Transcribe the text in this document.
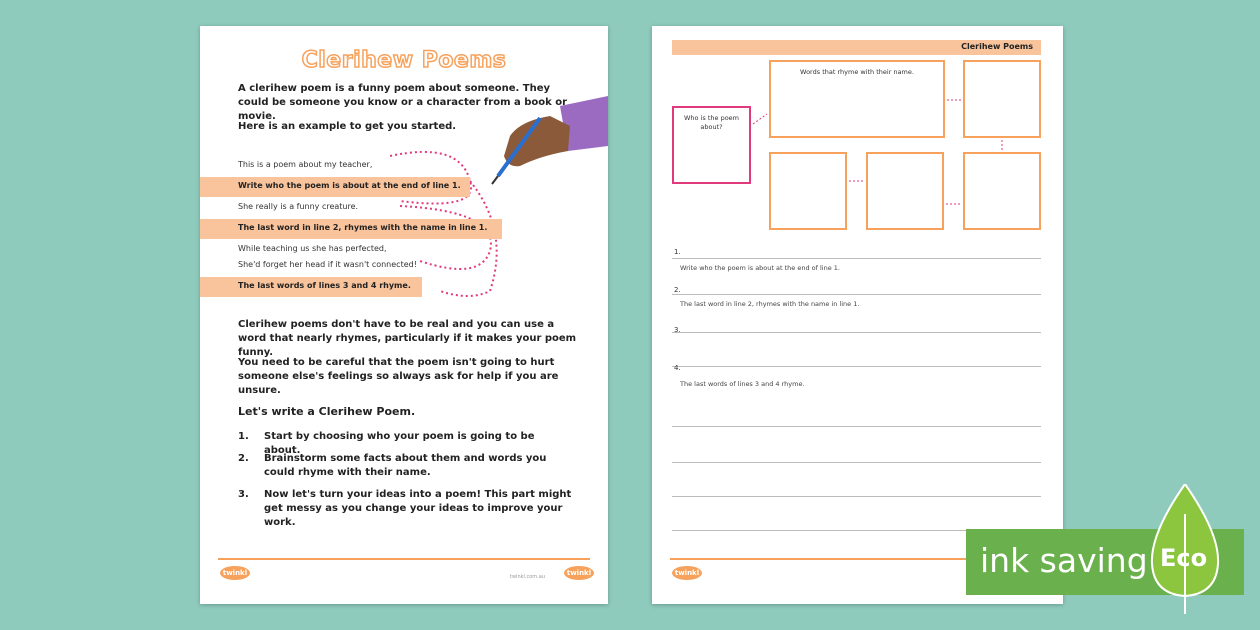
Clerihew Poems
A clerihew poem is a funny poem about someone. They could be someone you know or a character from a book or movie.
Here is an example to get you started.
This is a poem about my teacher,
Write who the poem is about at the end of line 1.
She really is a funny creature.
The last word in line 2, rhymes with the name in line 1.
While teaching us she has perfected,
She'd forget her head if it wasn't connected!
The last words of lines 3 and 4 rhyme.
Clerihew poems don't have to be real and you can use a word that nearly rhymes, particularly if it makes your poem funny.
You need to be careful that the poem isn't going to hurt someone else's feelings so always ask for help if you are unsure.
Let's write a Clerihew Poem.
1. Start by choosing who your poem is going to be about.
2. Brainstorm some facts about them and words you could rhyme with their name.
3. Now let's turn your ideas into a poem! This part might get messy as you change your ideas to improve your work.
twinkl	twinkl.com.au	twinkl
Clerihew Poems
Who is the poem about?
Words that rhyme with their name.
1.
Write who the poem is about at the end of line 1.
2.
The last word in line 2, rhymes with the name in line 1.
3.
4.
The last words of lines 3 and 4 rhyme.
twinkl	ink saving Eco
